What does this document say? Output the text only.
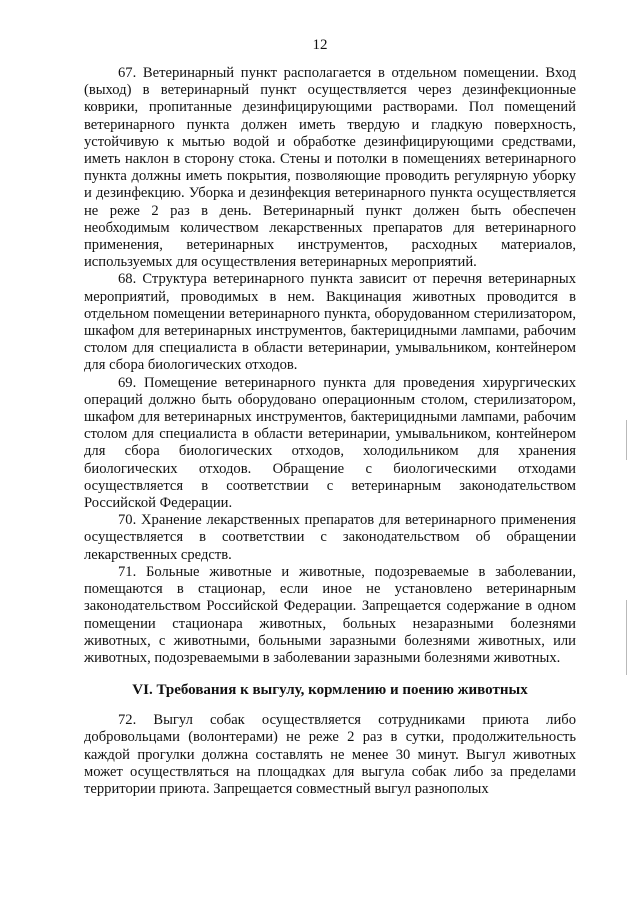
12

67. Ветеринарный пункт располагается в отдельном помещении. Вход (выход) в ветеринарный пункт осуществляется через дезинфекционные коврики, пропитанные дезинфицирующими растворами. Пол помещений ветеринарного пункта должен иметь твердую и гладкую поверхность, устойчивую к мытью водой и обработке дезинфицирующими средствами, иметь наклон в сторону стока. Стены и потолки в помещениях ветеринарного пункта должны иметь покрытия, позволяющие проводить регулярную уборку и дезинфекцию. Уборка и дезинфекция ветеринарного пункта осуществляется не реже 2 раз в день. Ветеринарный пункт должен быть обеспечен необходимым количеством лекарственных препаратов для ветеринарного применения, ветеринарных инструментов, расходных материалов, используемых для осуществления ветеринарных мероприятий.

68. Структура ветеринарного пункта зависит от перечня ветеринарных мероприятий, проводимых в нем. Вакцинация животных проводится в отдельном помещении ветеринарного пункта, оборудованном стерилизатором, шкафом для ветеринарных инструментов, бактерицидными лампами, рабочим столом для специалиста в области ветеринарии, умывальником, контейнером для сбора биологических отходов.

69. Помещение ветеринарного пункта для проведения хирургических операций должно быть оборудовано операционным столом, стерилизатором, шкафом для ветеринарных инструментов, бактерицидными лампами, рабочим столом для специалиста в области ветеринарии, умывальником, контейнером для сбора биологических отходов, холодильником для хранения биологических отходов. Обращение с биологическими отходами осуществляется в соответствии с ветеринарным законодательством Российской Федерации.

70. Хранение лекарственных препаратов для ветеринарного применения осуществляется в соответствии с законодательством об обращении лекарственных средств.

71. Больные животные и животные, подозреваемые в заболевании, помещаются в стационар, если иное не установлено ветеринарным законодательством Российской Федерации. Запрещается содержание в одном помещении стационара животных, больных незаразными болезнями животных, с животными, больными заразными болезнями животных, или животных, подозреваемыми в заболевании заразными болезнями животных.

VI. Требования к выгулу, кормлению и поению животных

72. Выгул собак осуществляется сотрудниками приюта либо добровольцами (волонтерами) не реже 2 раз в сутки, продолжительность каждой прогулки должна составлять не менее 30 минут. Выгул животных может осуществляться на площадках для выгула собак либо за пределами территории приюта. Запрещается совместный выгул разнополых
